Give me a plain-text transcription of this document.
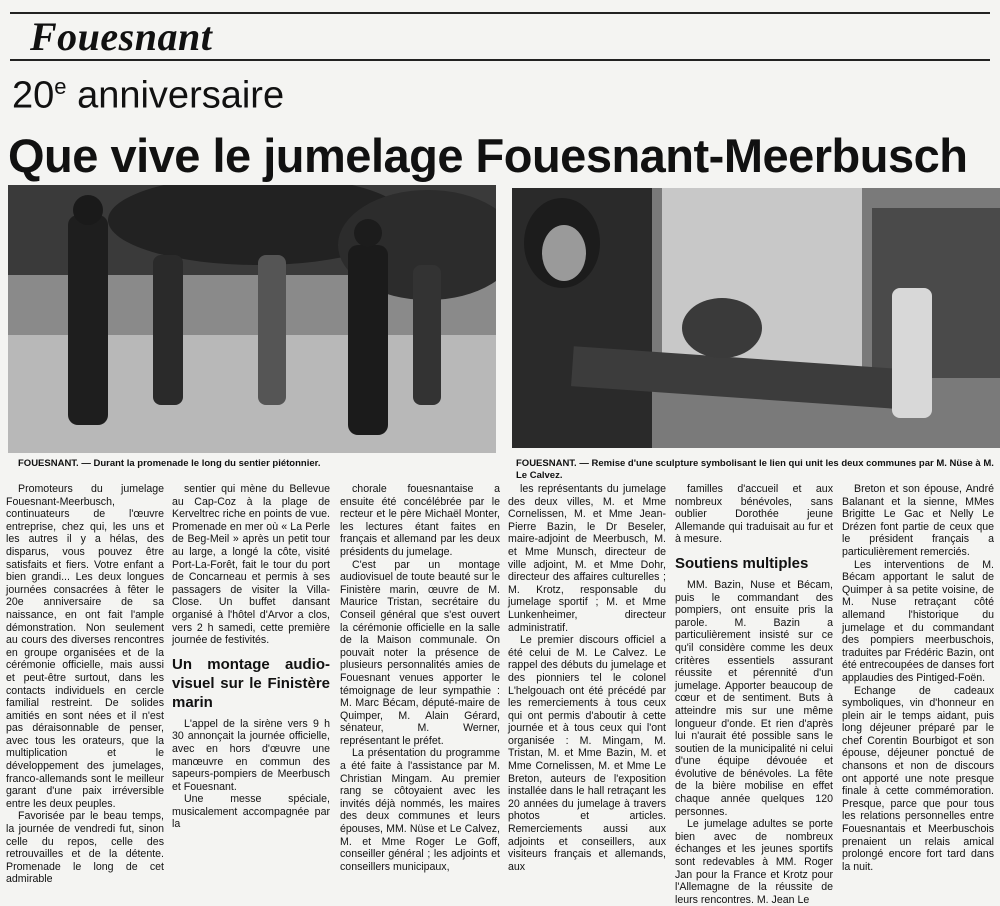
Fouesnant
20e anniversaire
Que vive le jumelage Fouesnant-Meerbusch
FOUESNANT. — Durant la promenade le long du sentier piétonnier.	FOUESNANT. — Remise d'une sculpture symbolisant le lien qui unit les deux communes par M. Nüse à M. Le Calvez.

Promoteurs du jumelage Fouesnant-Meerbusch, continuateurs de l'œuvre entreprise, chez qui, les uns et les autres il y a hélas, des disparus, vous pouvez être satisfaits et fiers. Votre enfant a bien grandi... Les deux longues journées consacrées à fêter le 20e anniversaire de sa naissance, en ont fait l'ample démonstration. Non seulement au cours des diverses rencontres en groupe organisées et de la cérémonie officielle, mais aussi et peut-être surtout, dans les contacts individuels en cercle familial restreint. De solides amitiés en sont nées et il n'est pas déraisonnable de penser, avec tous les orateurs, que la multiplication et le développement des jumelages, franco-allemands sont le meilleur garant d'une paix irréversible entre les deux peuples.

Favorisée par le beau temps, la journée de vendredi fut, sinon celle du repos, celle des retrouvailles et de la détente. Promenade le long de cet admirable

sentier qui mène du Bellevue au Cap-Coz à la plage de Kerveltrec riche en points de vue. Promenade en mer où « La Perle de Beg-Meil » après un petit tour au large, a longé la côte, visité Port-La-Forêt, fait le tour du port de Concarneau et permis à ses passagers de visiter la Villa-Close. Un buffet dansant organisé à l'hôtel d'Arvor a clos, vers 2 h samedi, cette première journée de festivités.

Un montage audio-visuel sur le Finistère marin

L'appel de la sirène vers 9 h 30 annonçait la journée officielle, avec en hors d'œuvre une manœuvre en commun des sapeurs-pompiers de Meerbusch et Fouesnant.

Une messe spéciale, musicalement accompagnée par la

chorale fouesnantaise a ensuite été concélébrée par le recteur et le père Michaël Monter, les lectures étant faites en français et allemand par les deux présidents du jumelage.

C'est par un montage audiovisuel de toute beauté sur le Finistère marin, œuvre de M. Maurice Tristan, secrétaire du Conseil général que s'est ouvert la cérémonie officielle en la salle de la Maison communale. On pouvait noter la présence de plusieurs personnalités amies de Fouesnant venues apporter le témoignage de leur sympathie : M. Marc Bécam, député-maire de Quimper, M. Alain Gérard, sénateur, M. Werner, représentant le préfet.

La présentation du programme a été faite à l'assistance par M. Christian Mingam. Au premier rang se côtoyaient avec les invités déjà nommés, les maires des deux communes et leurs épouses, MM. Nüse et Le Calvez, M. et Mme Roger Le Goff, conseiller général ; les adjoints et conseillers municipaux,

les représentants du jumelage des deux villes, M. et Mme Cornelissen, M. et Mme Jean-Pierre Bazin, le Dr Beseler, maire-adjoint de Meerbusch, M. et Mme Munsch, directeur de ville adjoint, M. et Mme Dohr, directeur des affaires culturelles ; M. Krotz, responsable du jumelage sportif ; M. et Mme Lunkenheimer, directeur administratif.

Le premier discours officiel a été celui de M. Le Calvez. Le rappel des débuts du jumelage et des pionniers tel le colonel L'helgouach ont été précédé par les remerciements à tous ceux qui ont permis d'aboutir à cette journée et à tous ceux qui l'ont organisée : M. Mingam, M. Tristan, M. et Mme Bazin, M. et Mme Cornelissen, M. et Mme Le Breton, auteurs de l'exposition installée dans le hall retraçant les 20 années du jumelage à travers photos et articles. Remerciements aussi aux adjoints et conseillers, aux visiteurs français et allemands, aux

familles d'accueil et aux nombreux bénévoles, sans oublier Dorothée jeune Allemande qui traduisait au fur et à mesure.

Soutiens multiples

MM. Bazin, Nuse et Bécam, puis le commandant des pompiers, ont ensuite pris la parole. M. Bazin a particulièrement insisté sur ce qu'il considère comme les deux critères essentiels assurant réussite et pérennité d'un jumelage. Apporter beaucoup de cœur et de sentiment. Buts à atteindre mis sur une même longueur d'onde. Et rien d'après lui n'aurait été possible sans le soutien de la municipalité ni celui d'une équipe dévouée et évolutive de bénévoles. La fête de la bière mobilise en effet chaque année quelques 120 personnes.

Le jumelage adultes se porte bien avec de nombreux échanges et les jeunes sportifs sont redevables à MM. Roger Jan pour la France et Krotz pour l'Allemagne de la réussite de leurs rencontres. M. Jean Le

Breton et son épouse, André Balanant et la sienne, MMes Brigitte Le Gac et Nelly Le Drézen font partie de ceux que le président français a particulièrement remerciés.

Les interventions de M. Bécam apportant le salut de Quimper à sa petite voisine, de M. Nuse retraçant côté allemand l'historique du jumelage et du commandant des pompiers meerbuschois, traduites par Frédéric Bazin, ont été entrecoupées de danses fort applaudies des Pintiged-Foën.

Echange de cadeaux symboliques, vin d'honneur en plein air le temps aidant, puis long déjeuner préparé par le chef Corentin Bourbigot et son épouse, déjeuner ponctué de chansons et non de discours ont apporté une note presque finale à cette commémoration. Presque, parce que pour tous les relations personnelles entre Fouesnantais et Meerbuschois prenaient un relais amical prolongé encore fort tard dans la nuit.
